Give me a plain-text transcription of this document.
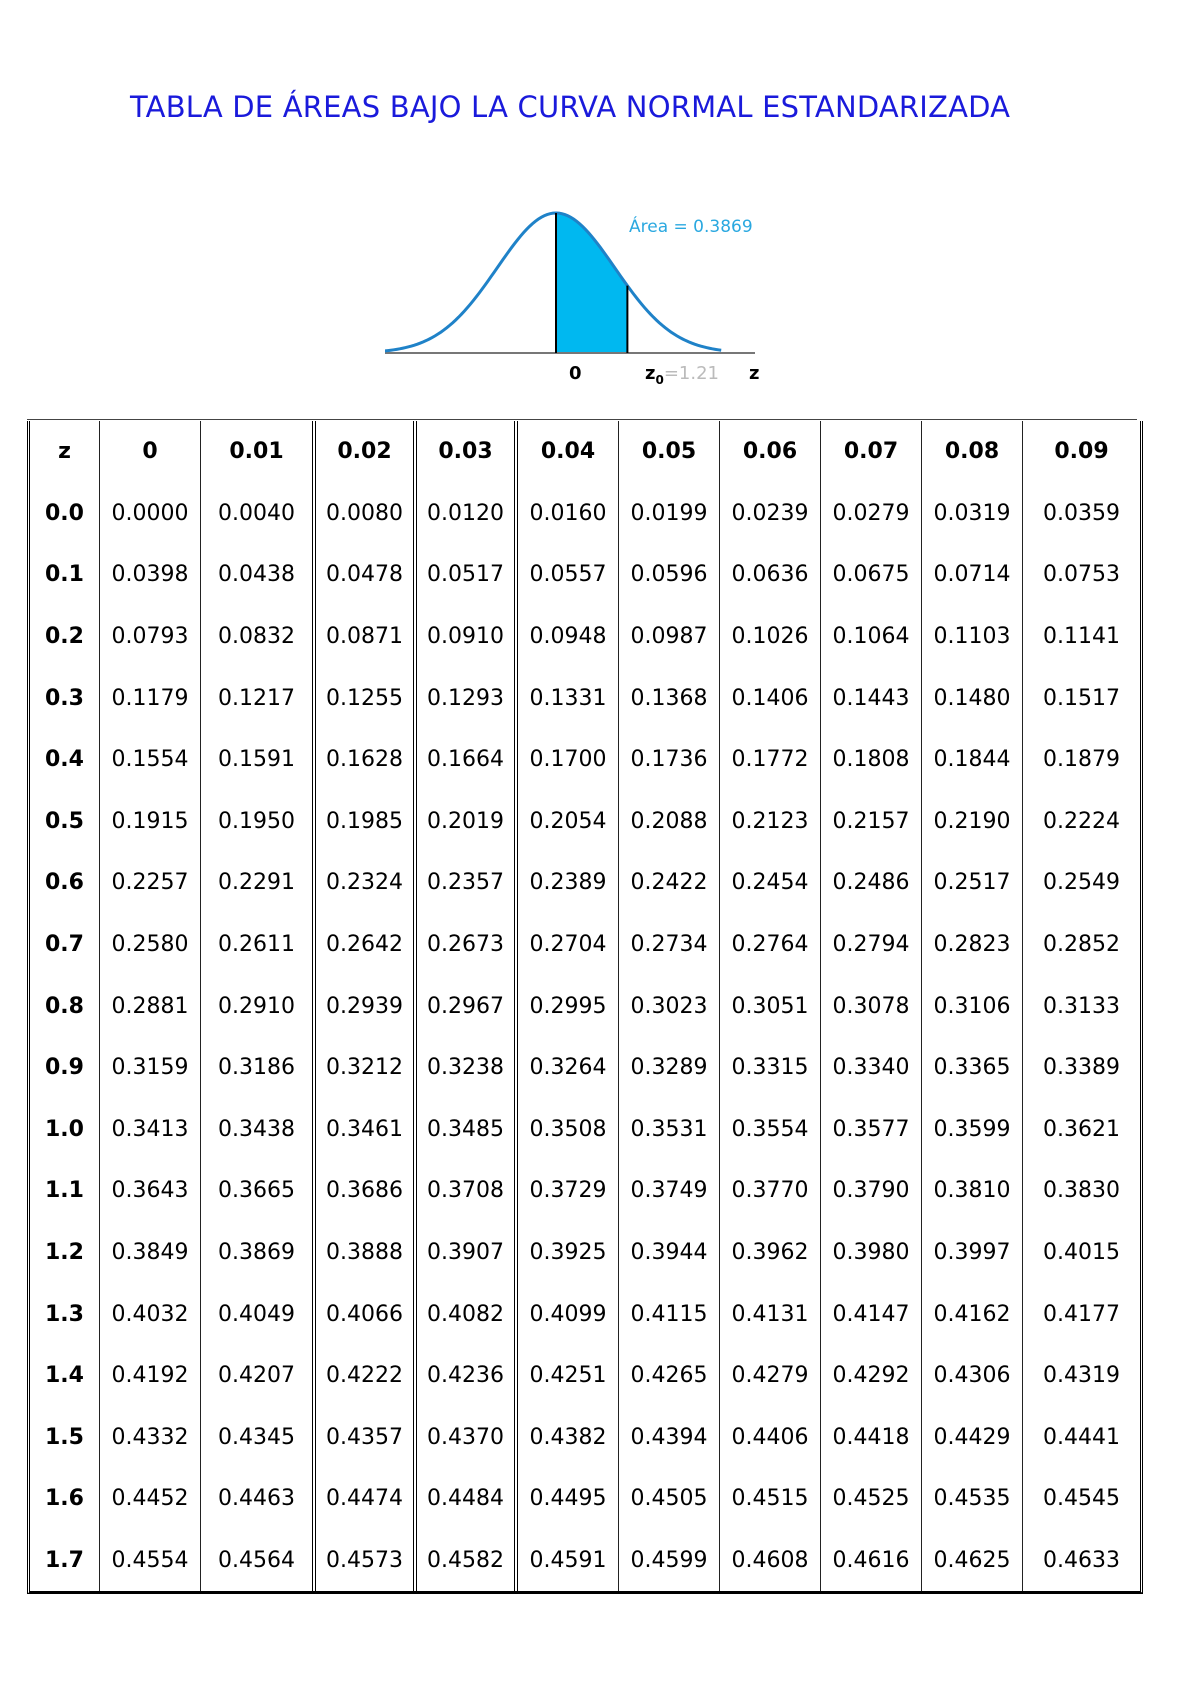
TABLA DE ÁREAS BAJO LA CURVA NORMAL ESTANDARIZADA
Área = 0.3869
0	$z_0=1.21$ z
z	0	0.01	0.02	0.03	0.04	0.05	0.06	0.07	0.08	0.09
0.0	0.0000	0.0040	0.0080	0.0120	0.0160	0.0199	0.0239	0.0279	0.0319	0.0359
0.1	0.0398	0.0438	0.0478	0.0517	0.0557	0.0596	0.0636	0.0675	0.0714	0.0753
0.2	0.0793	0.0832	0.0871	0.0910	0.0948	0.0987	0.1026	0.1064	0.1103	0.1141
0.3	0.1179	0.1217	0.1255	0.1293	0.1331	0.1368	0.1406	0.1443	0.1480	0.1517
0.4	0.1554	0.1591	0.1628	0.1664	0.1700	0.1736	0.1772	0.1808	0.1844	0.1879
0.5	0.1915	0.1950	0.1985	0.2019	0.2054	0.2088	0.2123	0.2157	0.2190	0.2224
0.6	0.2257	0.2291	0.2324	0.2357	0.2389	0.2422	0.2454	0.2486	0.2517	0.2549
0.7	0.2580	0.2611	0.2642	0.2673	0.2704	0.2734	0.2764	0.2794	0.2823	0.2852
0.8	0.2881	0.2910	0.2939	0.2967	0.2995	0.3023	0.3051	0.3078	0.3106	0.3133
0.9	0.3159	0.3186	0.3212	0.3238	0.3264	0.3289	0.3315	0.3340	0.3365	0.3389
1.0	0.3413	0.3438	0.3461	0.3485	0.3508	0.3531	0.3554	0.3577	0.3599	0.3621
1.1	0.3643	0.3665	0.3686	0.3708	0.3729	0.3749	0.3770	0.3790	0.3810	0.3830
1.2	0.3849	0.3869	0.3888	0.3907	0.3925	0.3944	0.3962	0.3980	0.3997	0.4015
1.3	0.4032	0.4049	0.4066	0.4082	0.4099	0.4115	0.4131	0.4147	0.4162	0.4177
1.4	0.4192	0.4207	0.4222	0.4236	0.4251	0.4265	0.4279	0.4292	0.4306	0.4319
1.5	0.4332	0.4345	0.4357	0.4370	0.4382	0.4394	0.4406	0.4418	0.4429	0.4441
1.6	0.4452	0.4463	0.4474	0.4484	0.4495	0.4505	0.4515	0.4525	0.4535	0.4545
1.7	0.4554	0.4564	0.4573	0.4582	0.4591	0.4599	0.4608	0.4616	0.4625	0.4633
